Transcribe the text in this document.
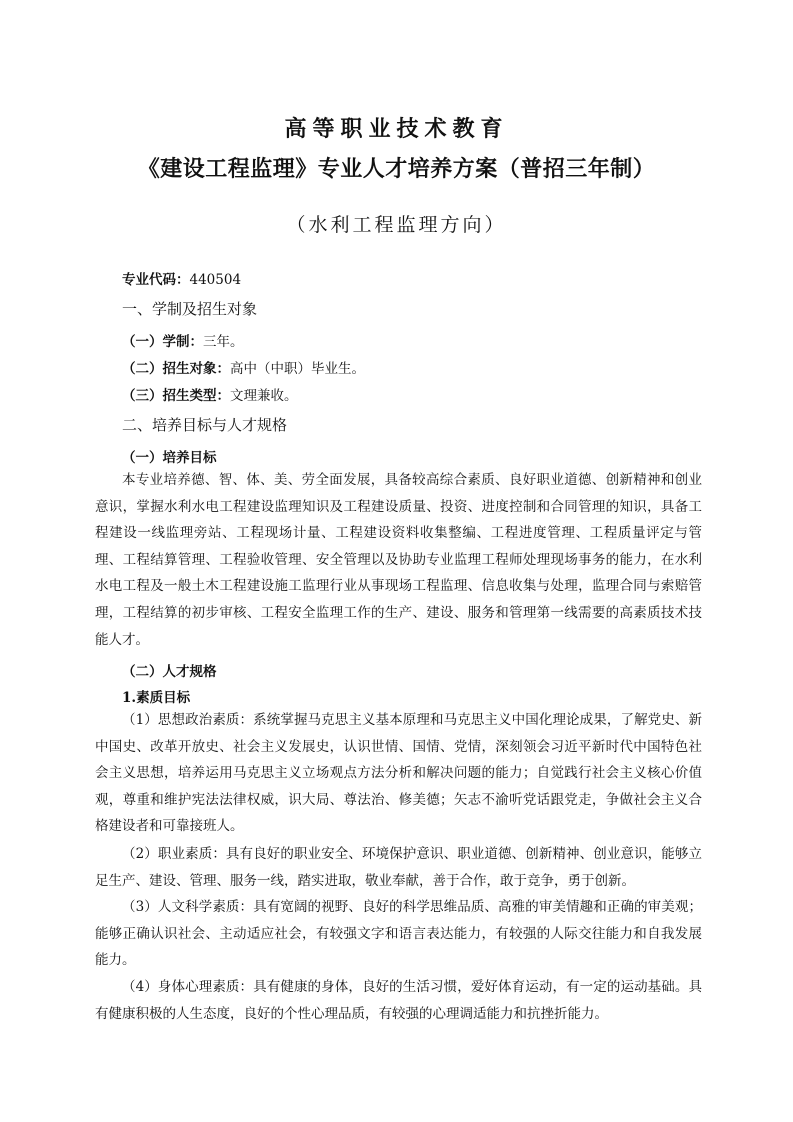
高等职业技术教育
《建设工程监理》专业人才培养方案（普招三年制）
（水利工程监理方向）
专业代码：440504
一、学制及招生对象
（一）学制：三年。
（二）招生对象：高中（中职）毕业生。
（三）招生类型：文理兼收。
二、培养目标与人才规格
（一）培养目标

本专业培养德、智、体、美、劳全面发展，具备较高综合素质、良好职业道德、创新精神和创业意识，掌握水利水电工程建设监理知识及工程建设质量、投资、进度控制和合同管理的知识，具备工程建设一线监理旁站、工程现场计量、工程建设资料收集整编、工程进度管理、工程质量评定与管理、工程结算管理、工程验收管理、安全管理以及协助专业监理工程师处理现场事务的能力，在水利水电工程及一般土木工程建设施工监理行业从事现场工程监理、信息收集与处理，监理合同与索赔管理，工程结算的初步审核、工程安全监理工作的生产、建设、服务和管理第一线需要的高素质技术技能人才。

（二）人才规格
1.素质目标

（1）思想政治素质：系统掌握马克思主义基本原理和马克思主义中国化理论成果，了解党史、新中国史、改革开放史、社会主义发展史，认识世情、国情、党情，深刻领会习近平新时代中国特色社会主义思想，培养运用马克思主义立场观点方法分析和解决问题的能力；自觉践行社会主义核心价值观，尊重和维护宪法法律权威，识大局、尊法治、修美德；矢志不渝听党话跟党走，争做社会主义合格建设者和可靠接班人。

（2）职业素质：具有良好的职业安全、环境保护意识、职业道德、创新精神、创业意识，能够立足生产、建设、管理、服务一线，踏实进取，敬业奉献，善于合作，敢于竞争，勇于创新。

（3）人文科学素质：具有宽阔的视野、良好的科学思维品质、高雅的审美情趣和正确的审美观；能够正确认识社会、主动适应社会，有较强文字和语言表达能力，有较强的人际交往能力和自我发展能力。

（4）身体心理素质：具有健康的身体，良好的生活习惯，爱好体育运动，有一定的运动基础。具有健康积极的人生态度，良好的个性心理品质，有较强的心理调适能力和抗挫折能力。
